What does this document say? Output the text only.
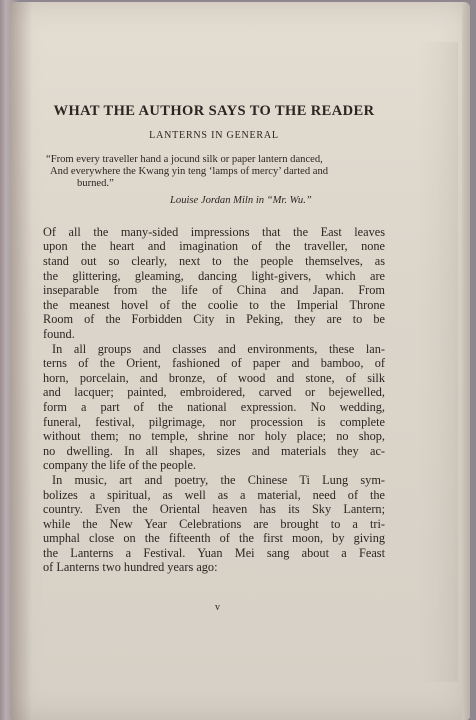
WHAT THE AUTHOR SAYS TO THE READER

LANTERNS IN GENERAL

“From every traveller hand a jocund silk or paper lantern danced,
And everywhere the Kwang yin teng ‘lamps of mercy’ darted and
burned.”
Louise Jordan Miln in “Mr. Wu.”
Of all the many-sided impressions that the East leaves
upon the heart and imagination of the traveller, none
stand out so clearly, next to the people themselves, as
the glittering, gleaming, dancing light-givers, which are
inseparable from the life of China and Japan. From
the meanest hovel of the coolie to the Imperial Throne
Room of the Forbidden City in Peking, they are to be
found.
In all groups and classes and environments, these lan-
terns of the Orient, fashioned of paper and bamboo, of
horn, porcelain, and bronze, of wood and stone, of silk
and lacquer; painted, embroidered, carved or bejewelled,
form a part of the national expression. No wedding,
funeral, festival, pilgrimage, nor procession is complete
without them; no temple, shrine nor holy place; no shop,
no dwelling. In all shapes, sizes and materials they ac-
company the life of the people.
In music, art and poetry, the Chinese Ti Lung sym-
bolizes a spiritual, as well as a material, need of the
country. Even the Oriental heaven has its Sky Lantern;
while the New Year Celebrations are brought to a tri-
umphal close on the fifteenth of the first moon, by giving
the Lanterns a Festival. Yuan Mei sang about a Feast
of Lanterns two hundred years ago:
v
